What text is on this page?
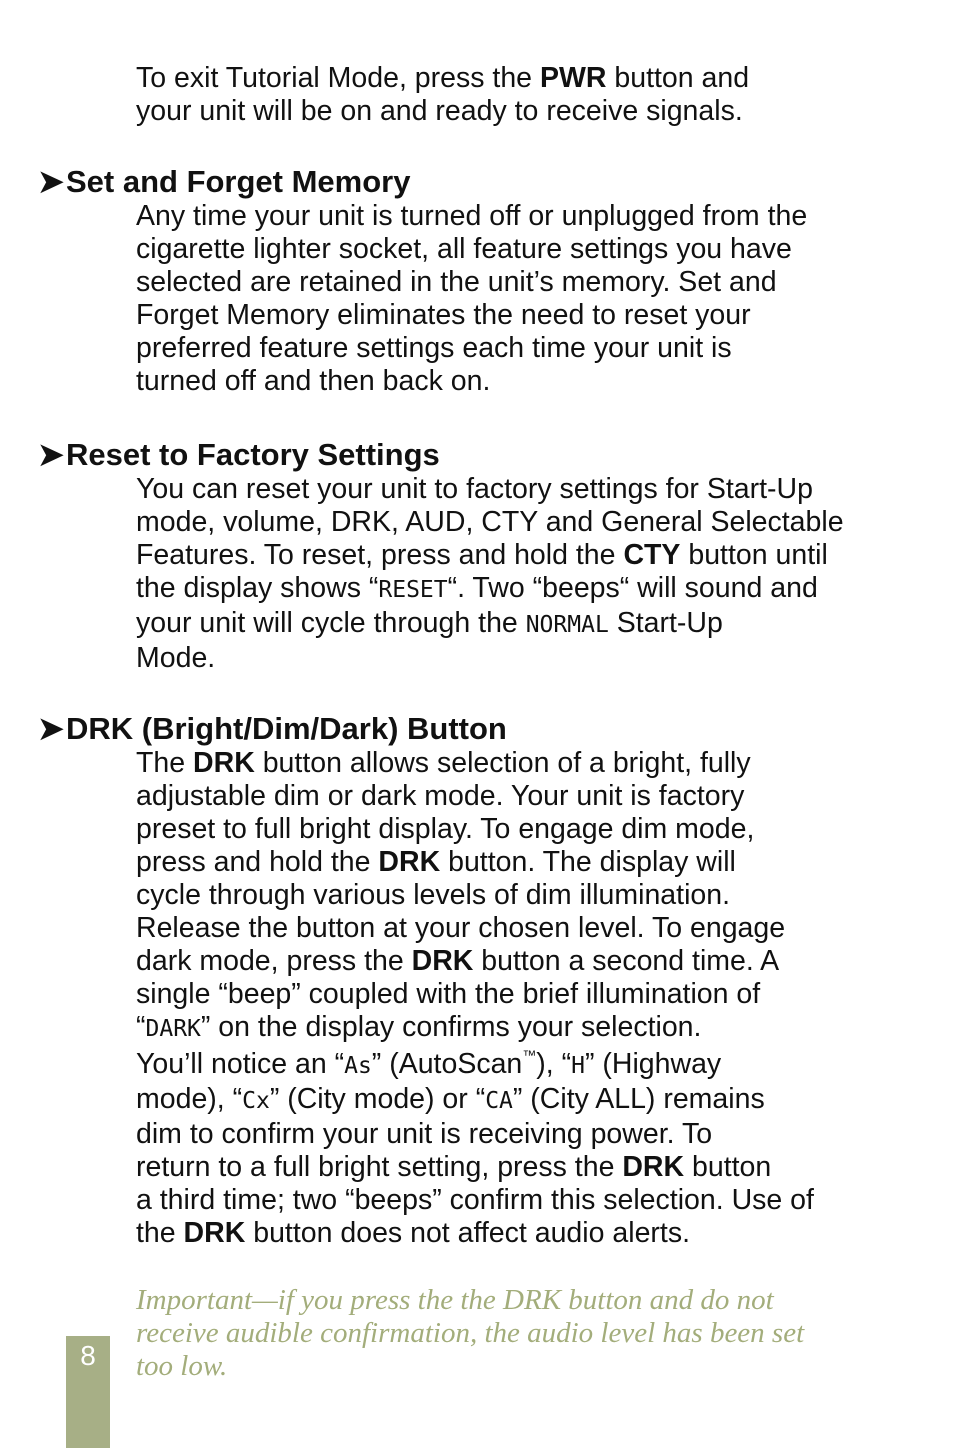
To exit Tutorial Mode, press the PWR button and
your unit will be on and ready to receive signals.

➤Set and Forget Memory

Any time your unit is turned off or unplugged from the
cigarette lighter socket, all feature settings you have
selected are retained in the unit’s memory. Set and
Forget Memory eliminates the need to reset your
preferred feature settings each time your unit is
turned off and then back on.

➤Reset to Factory Settings

You can reset your unit to factory settings for Start-Up
mode, volume, DRK, AUD, CTY and General Selectable
Features. To reset, press and hold the CTY button until
the display shows “RESET“. Two “beeps“ will sound and
your unit will cycle through the NORMAL Start-Up
Mode.

➤DRK (Bright/Dim/Dark) Button

The DRK button allows selection of a bright, fully
adjustable dim or dark mode. Your unit is factory
preset to full bright display. To engage dim mode,
press and hold the DRK button. The display will
cycle through various levels of dim illumination.
Release the button at your chosen level. To engage
dark mode, press the DRK button a second time. A
single “beep” coupled with the brief illumination of
“DARK” on the display confirms your selection.

You’ll notice an “As” (AutoScan™), “H” (Highway
mode), “Cx” (City mode) or “CA” (City ALL) remains
dim to confirm your unit is receiving power. To
return to a full bright setting, press the DRK button
a third time; two “beeps” confirm this selection. Use of
the DRK button does not affect audio alerts.

Important—if you press the the DRK button and do not
receive audible confirmation, the audio level has been set
too low.

8
